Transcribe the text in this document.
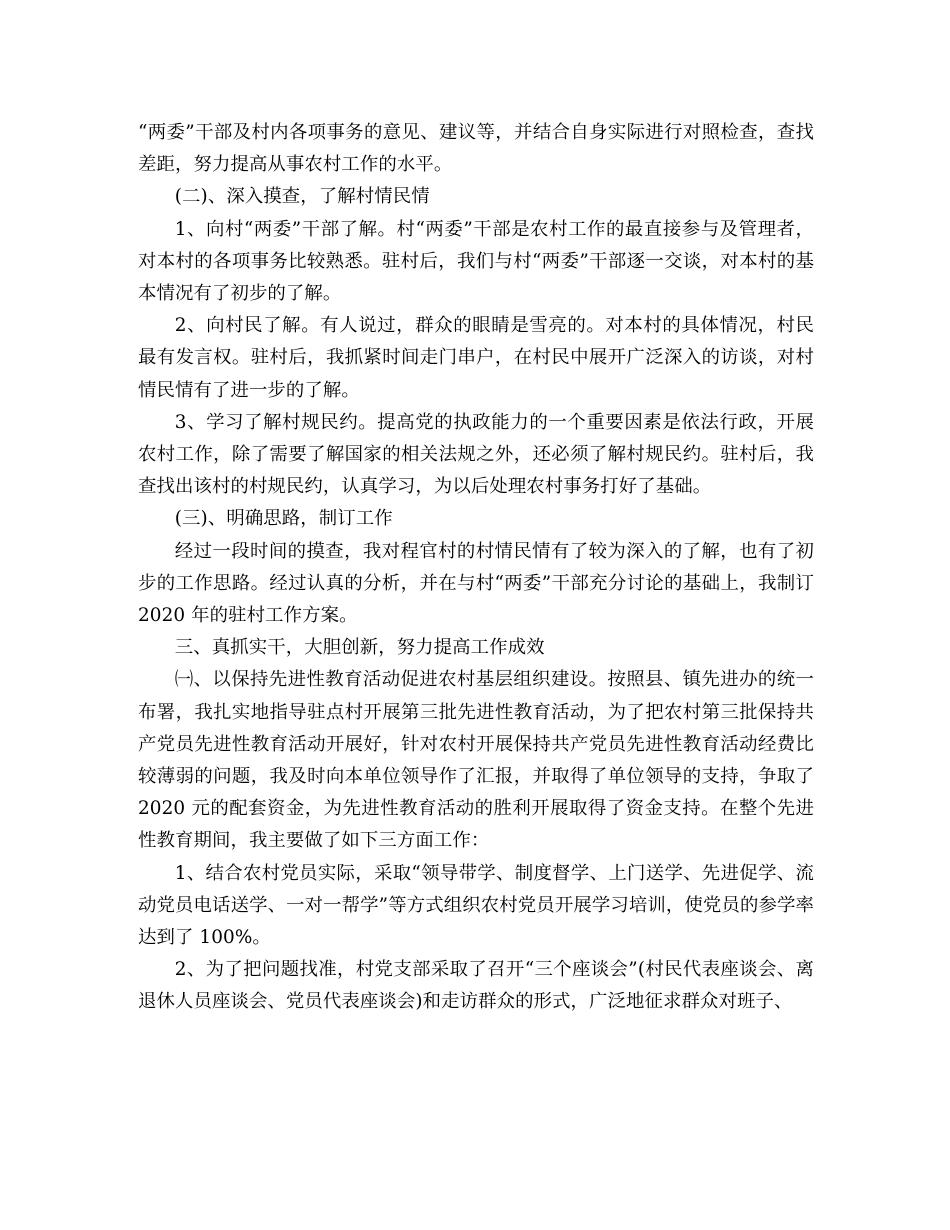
“两委”干部及村内各项事务的意见、建议等，并结合自身实际进行对照检查，查找差距，努力提高从事农村工作的水平。

(二)、深入摸查，了解村情民情

1、向村“两委”干部了解。村“两委”干部是农村工作的最直接参与及管理者，对本村的各项事务比较熟悉。驻村后，我们与村“两委”干部逐一交谈，对本村的基本情况有了初步的了解。

2、向村民了解。有人说过，群众的眼睛是雪亮的。对本村的具体情况，村民最有发言权。驻村后，我抓紧时间走门串户，在村民中展开广泛深入的访谈，对村情民情有了进一步的了解。

3、学习了解村规民约。提高党的执政能力的一个重要因素是依法行政，开展农村工作，除了需要了解国家的相关法规之外，还必须了解村规民约。驻村后，我查找出该村的村规民约，认真学习，为以后处理农村事务打好了基础。

(三)、明确思路，制订工作

经过一段时间的摸查，我对程官村的村情民情有了较为深入的了解，也有了初步的工作思路。经过认真的分析，并在与村“两委”干部充分讨论的基础上，我制订 2020 年的驻村工作方案。

三、真抓实干，大胆创新，努力提高工作成效

㈠、以保持先进性教育活动促进农村基层组织建设。按照县、镇先进办的统一布署，我扎实地指导驻点村开展第三批先进性教育活动，为了把农村第三批保持共产党员先进性教育活动开展好，针对农村开展保持共产党员先进性教育活动经费比较薄弱的问题，我及时向本单位领导作了汇报，并取得了单位领导的支持，争取了 2020 元的配套资金，为先进性教育活动的胜利开展取得了资金支持。在整个先进性教育期间，我主要做了如下三方面工作：

1、结合农村党员实际，采取“领导带学、制度督学、上门送学、先进促学、流动党员电话送学、一对一帮学”等方式组织农村党员开展学习培训，使党员的参学率达到了 100%。

2、为了把问题找准，村党支部采取了召开“三个座谈会”(村民代表座谈会、离退休人员座谈会、党员代表座谈会)和走访群众的形式，广泛地征求群众对班子、
